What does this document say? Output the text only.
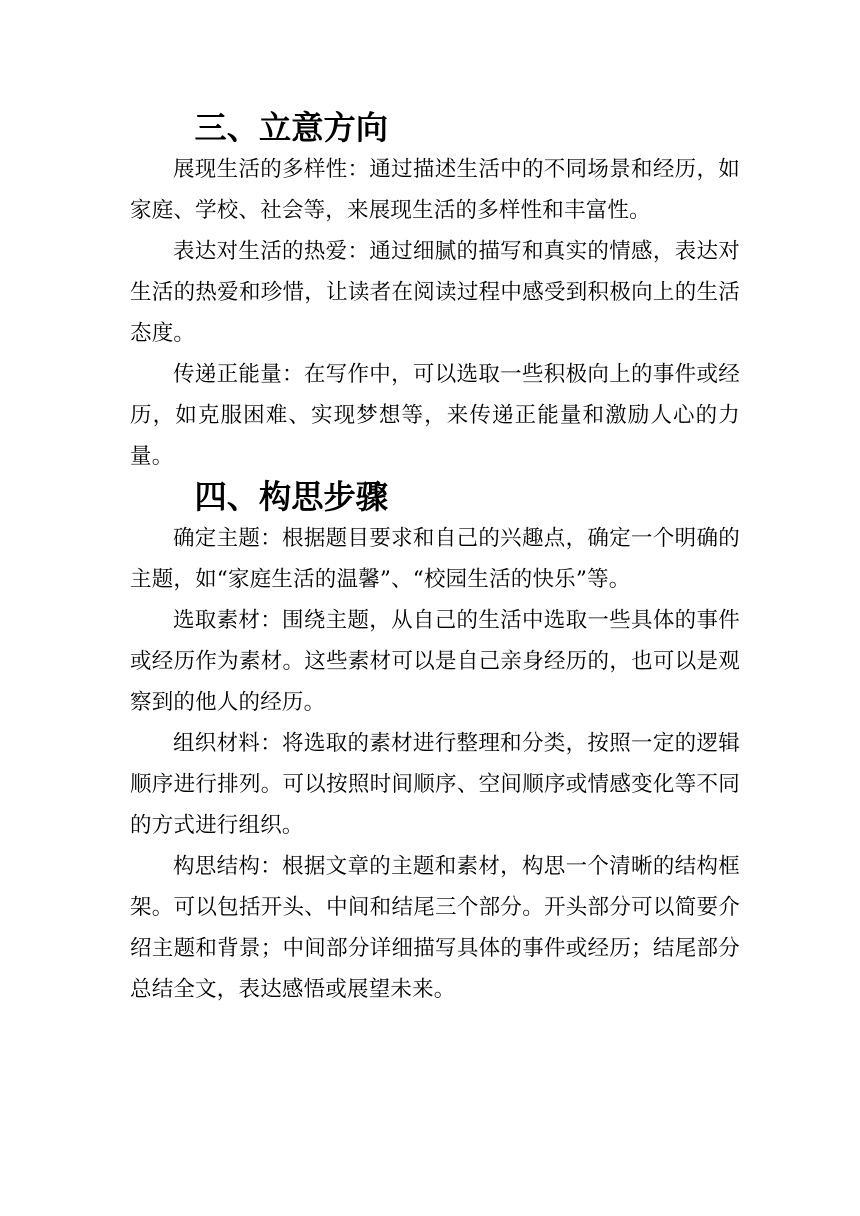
三、立意方向

展现生活的多样性：通过描述生活中的不同场景和经历，如家庭、学校、社会等，来展现生活的多样性和丰富性。

表达对生活的热爱：通过细腻的描写和真实的情感，表达对生活的热爱和珍惜，让读者在阅读过程中感受到积极向上的生活态度。

传递正能量：在写作中，可以选取一些积极向上的事件或经历，如克服困难、实现梦想等，来传递正能量和激励人心的力量。

四、构思步骤

确定主题：根据题目要求和自己的兴趣点，确定一个明确的主题，如“家庭生活的温馨”、“校园生活的快乐”等。

选取素材：围绕主题，从自己的生活中选取一些具体的事件或经历作为素材。这些素材可以是自己亲身经历的，也可以是观察到的他人的经历。

组织材料：将选取的素材进行整理和分类，按照一定的逻辑顺序进行排列。可以按照时间顺序、空间顺序或情感变化等不同的方式进行组织。

构思结构：根据文章的主题和素材，构思一个清晰的结构框架。可以包括开头、中间和结尾三个部分。开头部分可以简要介绍主题和背景；中间部分详细描写具体的事件或经历；结尾部分总结全文，表达感悟或展望未来。
